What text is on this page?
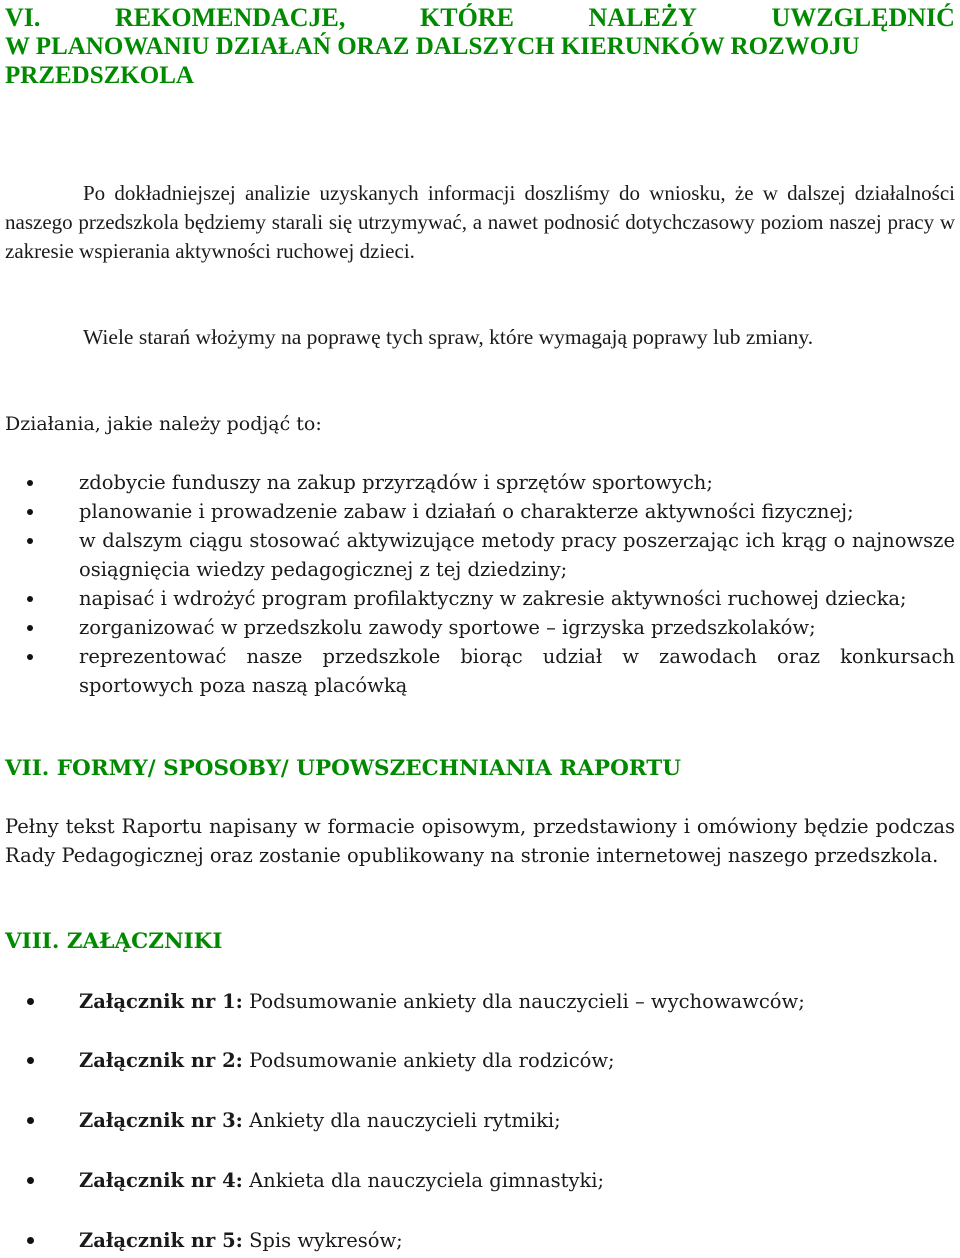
VI.	REKOMENDACJE,	KTÓRE	NALEŻY	UWZGLĘDNIĆ
W PLANOWANIU DZIAŁAŃ ORAZ DALSZYCH KIERUNKÓW ROZWOJU
PRZEDSZKOLA

Po dokładniejszej analizie uzyskanych informacji doszliśmy do wniosku, że w dalszej działalności naszego przedszkola będziemy starali się utrzymywać, a nawet podnosić dotychczasowy poziom naszej pracy w zakresie wspierania aktywności ruchowej dzieci.

Wiele starań włożymy na poprawę tych spraw, które wymagają poprawy lub zmiany.

Działania, jakie należy podjąć to:

zdobycie funduszy na zakup przyrządów i sprzętów sportowych;
planowanie i prowadzenie zabaw i działań o charakterze aktywności fizycznej;
w dalszym ciągu stosować aktywizujące metody pracy poszerzając ich krąg o najnowsze osiągnięcia wiedzy pedagogicznej z tej dziedziny;
napisać i wdrożyć program profilaktyczny w zakresie aktywności ruchowej dziecka;
zorganizować w przedszkolu zawody sportowe – igrzyska przedszkolaków;
reprezentować nasze przedszkole biorąc udział w zawodach oraz konkursach sportowych poza naszą placówką
VII. FORMY/ SPOSOBY/ UPOWSZECHNIANIA RAPORTU

Pełny tekst Raportu napisany w formacie opisowym, przedstawiony i omówiony będzie podczas Rady Pedagogicznej oraz zostanie opublikowany na stronie internetowej naszego przedszkola.

VIII. ZAŁĄCZNIKI
Załącznik nr 1: Podsumowanie ankiety dla nauczycieli – wychowawców;
Załącznik nr 2: Podsumowanie ankiety dla rodziców;
Załącznik nr 3: Ankiety dla nauczycieli rytmiki;
Załącznik nr 4: Ankieta dla nauczyciela gimnastyki;
Załącznik nr 5: Spis wykresów;
